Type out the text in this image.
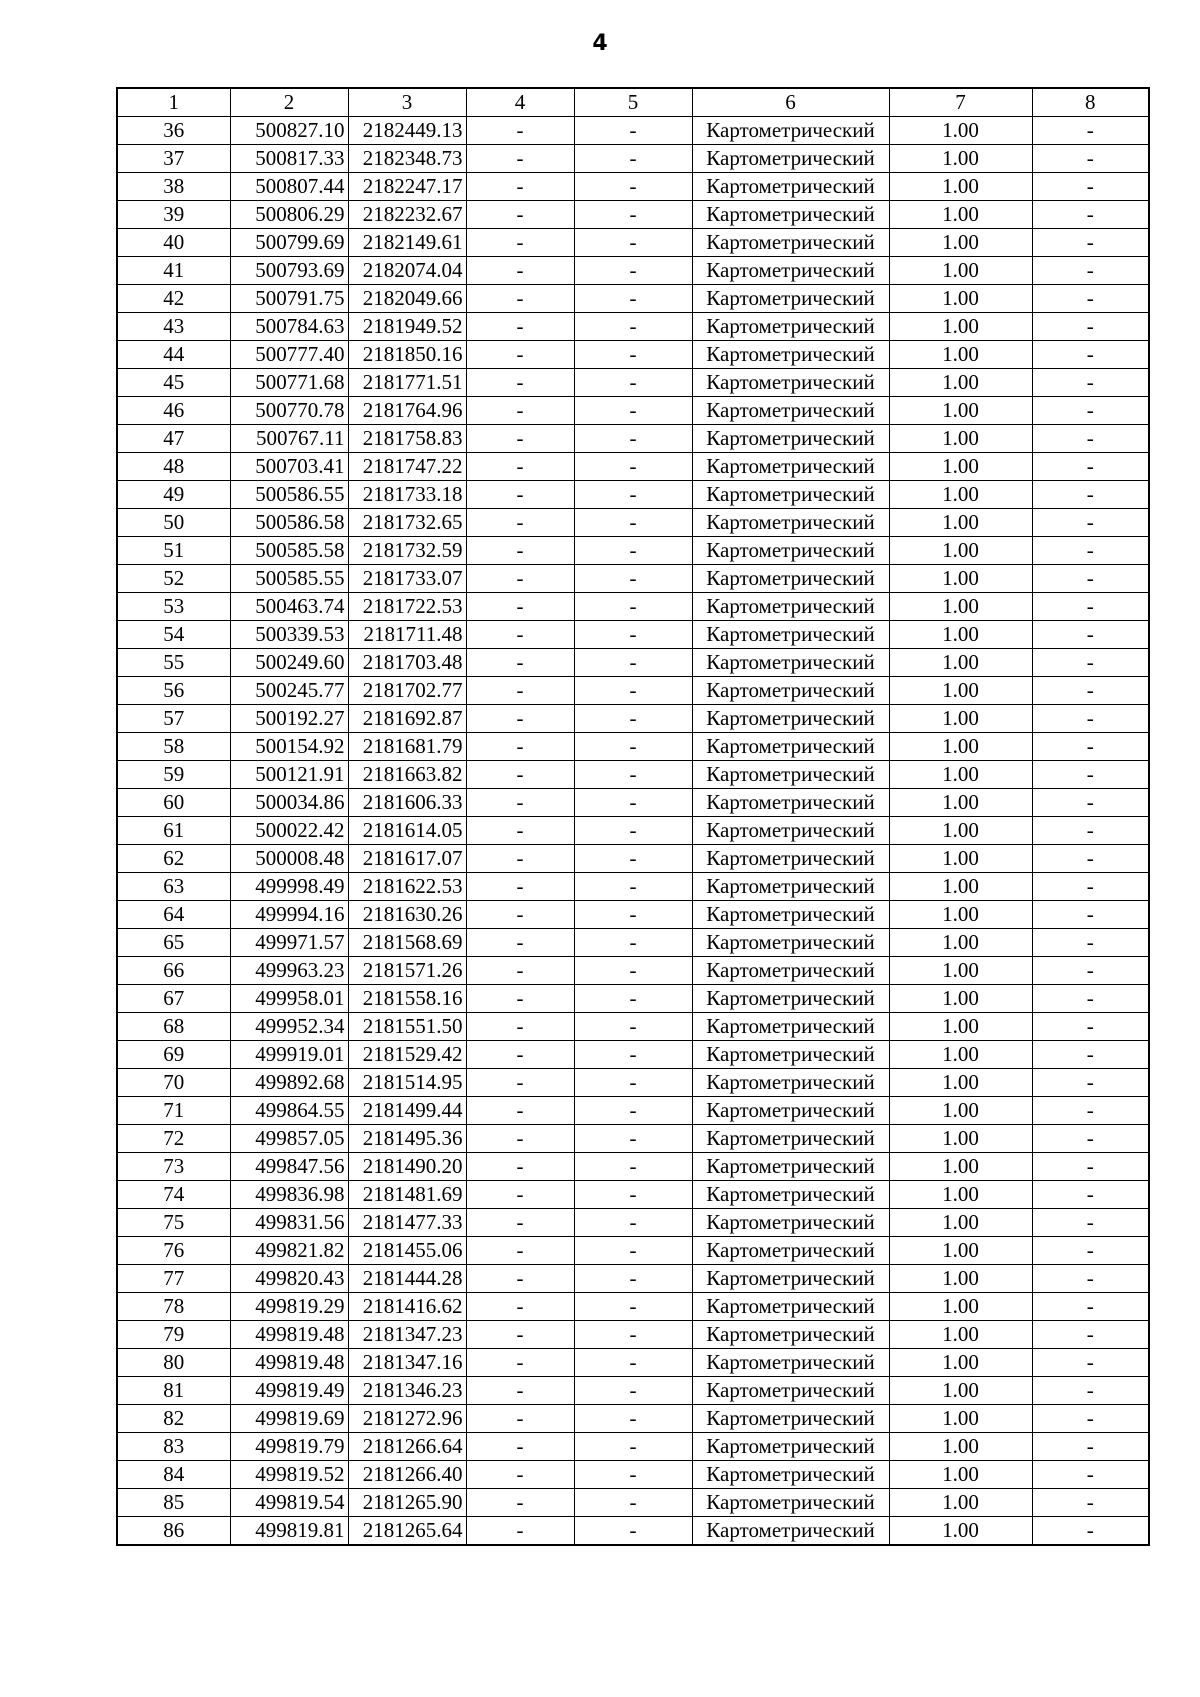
4
1	2	3	4	5	6	7	8
36	500827.10	2182449.13	-	-	Картометрический	1.00	-
37	500817.33	2182348.73	-	-	Картометрический	1.00	-
38	500807.44	2182247.17	-	-	Картометрический	1.00	-
39	500806.29	2182232.67	-	-	Картометрический	1.00	-
40	500799.69	2182149.61	-	-	Картометрический	1.00	-
41	500793.69	2182074.04	-	-	Картометрический	1.00	-
42	500791.75	2182049.66	-	-	Картометрический	1.00	-
43	500784.63	2181949.52	-	-	Картометрический	1.00	-
44	500777.40	2181850.16	-	-	Картометрический	1.00	-
45	500771.68	2181771.51	-	-	Картометрический	1.00	-
46	500770.78	2181764.96	-	-	Картометрический	1.00	-
47	500767.11	2181758.83	-	-	Картометрический	1.00	-
48	500703.41	2181747.22	-	-	Картометрический	1.00	-
49	500586.55	2181733.18	-	-	Картометрический	1.00	-
50	500586.58	2181732.65	-	-	Картометрический	1.00	-
51	500585.58	2181732.59	-	-	Картометрический	1.00	-
52	500585.55	2181733.07	-	-	Картометрический	1.00	-
53	500463.74	2181722.53	-	-	Картометрический	1.00	-
54	500339.53	2181711.48	-	-	Картометрический	1.00	-
55	500249.60	2181703.48	-	-	Картометрический	1.00	-
56	500245.77	2181702.77	-	-	Картометрический	1.00	-
57	500192.27	2181692.87	-	-	Картометрический	1.00	-
58	500154.92	2181681.79	-	-	Картометрический	1.00	-
59	500121.91	2181663.82	-	-	Картометрический	1.00	-
60	500034.86	2181606.33	-	-	Картометрический	1.00	-
61	500022.42	2181614.05	-	-	Картометрический	1.00	-
62	500008.48	2181617.07	-	-	Картометрический	1.00	-
63	499998.49	2181622.53	-	-	Картометрический	1.00	-
64	499994.16	2181630.26	-	-	Картометрический	1.00	-
65	499971.57	2181568.69	-	-	Картометрический	1.00	-
66	499963.23	2181571.26	-	-	Картометрический	1.00	-
67	499958.01	2181558.16	-	-	Картометрический	1.00	-
68	499952.34	2181551.50	-	-	Картометрический	1.00	-
69	499919.01	2181529.42	-	-	Картометрический	1.00	-
70	499892.68	2181514.95	-	-	Картометрический	1.00	-
71	499864.55	2181499.44	-	-	Картометрический	1.00	-
72	499857.05	2181495.36	-	-	Картометрический	1.00	-
73	499847.56	2181490.20	-	-	Картометрический	1.00	-
74	499836.98	2181481.69	-	-	Картометрический	1.00	-
75	499831.56	2181477.33	-	-	Картометрический	1.00	-
76	499821.82	2181455.06	-	-	Картометрический	1.00	-
77	499820.43	2181444.28	-	-	Картометрический	1.00	-
78	499819.29	2181416.62	-	-	Картометрический	1.00	-
79	499819.48	2181347.23	-	-	Картометрический	1.00	-
80	499819.48	2181347.16	-	-	Картометрический	1.00	-
81	499819.49	2181346.23	-	-	Картометрический	1.00	-
82	499819.69	2181272.96	-	-	Картометрический	1.00	-
83	499819.79	2181266.64	-	-	Картометрический	1.00	-
84	499819.52	2181266.40	-	-	Картометрический	1.00	-
85	499819.54	2181265.90	-	-	Картометрический	1.00	-
86	499819.81	2181265.64	-	-	Картометрический	1.00	-
